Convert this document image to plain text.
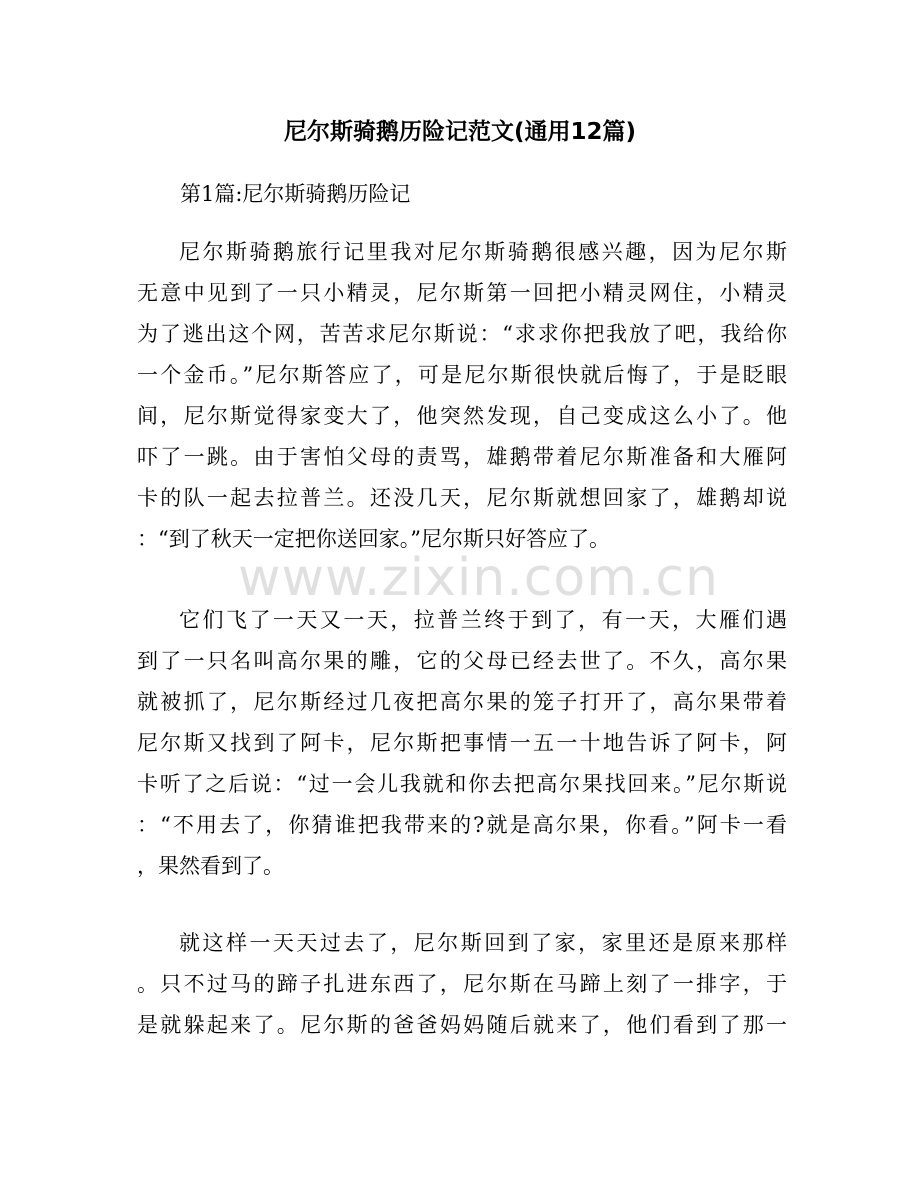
尼尔斯骑鹅历险记范文(通用12篇)
第1篇:尼尔斯骑鹅历险记
尼尔斯骑鹅旅行记里我对尼尔斯骑鹅很感兴趣，因为尼尔斯
无意中见到了一只小精灵，尼尔斯第一回把小精灵网住，小精灵
为了逃出这个网，苦苦求尼尔斯说：“求求你把我放了吧，我给你
一个金币。”尼尔斯答应了，可是尼尔斯很快就后悔了，于是眨眼
间，尼尔斯觉得家变大了，他突然发现，自己变成这么小了。他
吓了一跳。由于害怕父母的责骂，雄鹅带着尼尔斯准备和大雁阿
卡的队一起去拉普兰。还没几天，尼尔斯就想回家了，雄鹅却说
：“到了秋天一定把你送回家。”尼尔斯只好答应了。
它们飞了一天又一天，拉普兰终于到了，有一天，大雁们遇
到了一只名叫高尔果的雕，它的父母已经去世了。不久，高尔果
就被抓了，尼尔斯经过几夜把高尔果的笼子打开了，高尔果带着
尼尔斯又找到了阿卡，尼尔斯把事情一五一十地告诉了阿卡，阿
卡听了之后说：“过一会儿我就和你去把高尔果找回来。”尼尔斯说
：“不用去了，你猜谁把我带来的?就是高尔果，你看。”阿卡一看
，果然看到了。
就这样一天天过去了，尼尔斯回到了家，家里还是原来那样
。只不过马的蹄子扎进东西了，尼尔斯在马蹄上刻了一排字，于
是就躲起来了。尼尔斯的爸爸妈妈随后就来了，他们看到了那一
www.zixin.com.cn
